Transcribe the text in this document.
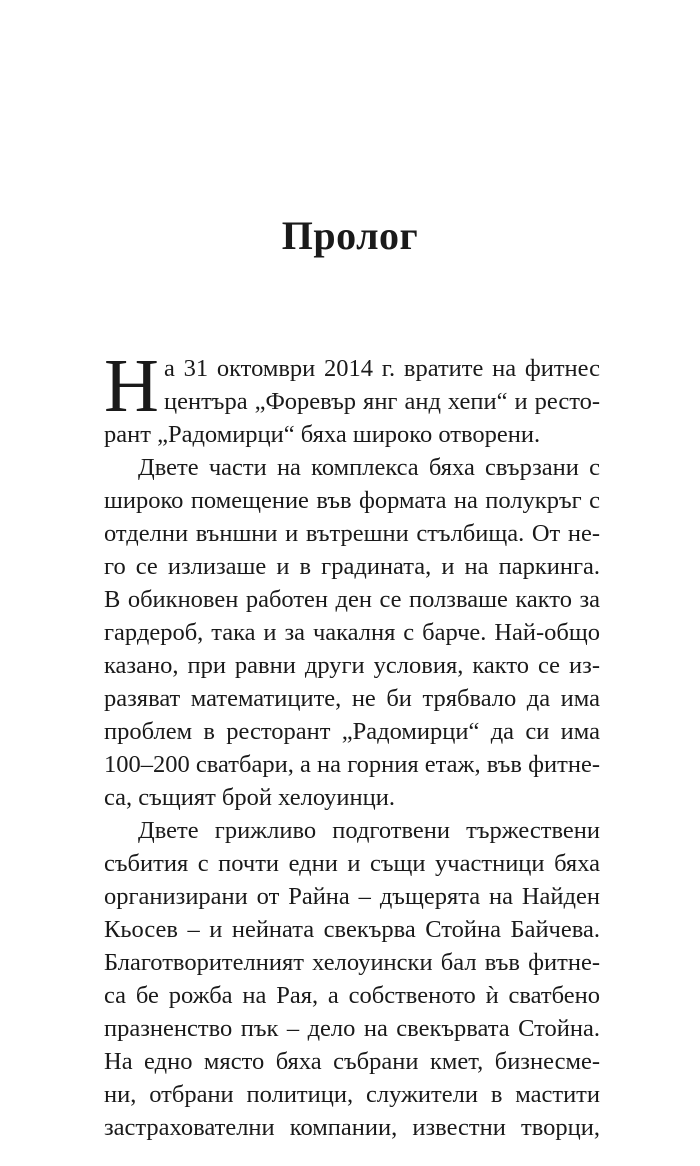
Пролог
Н а 31 октомври 2014 г. вратите на фитнес
центъра „Форевър янг анд хепи“ и ресто-
рант „Радомирци“ бяха широко отворени.
Двете части на комплекса бяха свързани с
широко помещение във формата на полукръг с
отделни външни и вътрешни стълбища. От не-
го се излизаше и в градината, и на паркинга.
В обикновен работен ден се ползваше както за
гардероб, така и за чакалня с барче. Най-общо
казано, при равни други условия, както се из-
разяват математиците, не би трябвало да има
проблем в ресторант „Радомирци“ да си има
100–200 сватбари, а на горния етаж, във фитне-
са, същият брой хелоуинци.
Двете грижливо подготвени тържествени
събития с почти едни и същи участници бяха
организирани от Райна – дъщерята на Найден
Кьосев – и нейната свекърва Стойна Байчева.
Благотворителният хелоуински бал във фитне-
са бе рожба на Рая, а собственото ѝ сватбено
празненство пък – дело на свекървата Стойна.
На едно място бяха събрани кмет, бизнесме-
ни, отбрани политици, служители в мастити
застрахователни компании, известни творци,
